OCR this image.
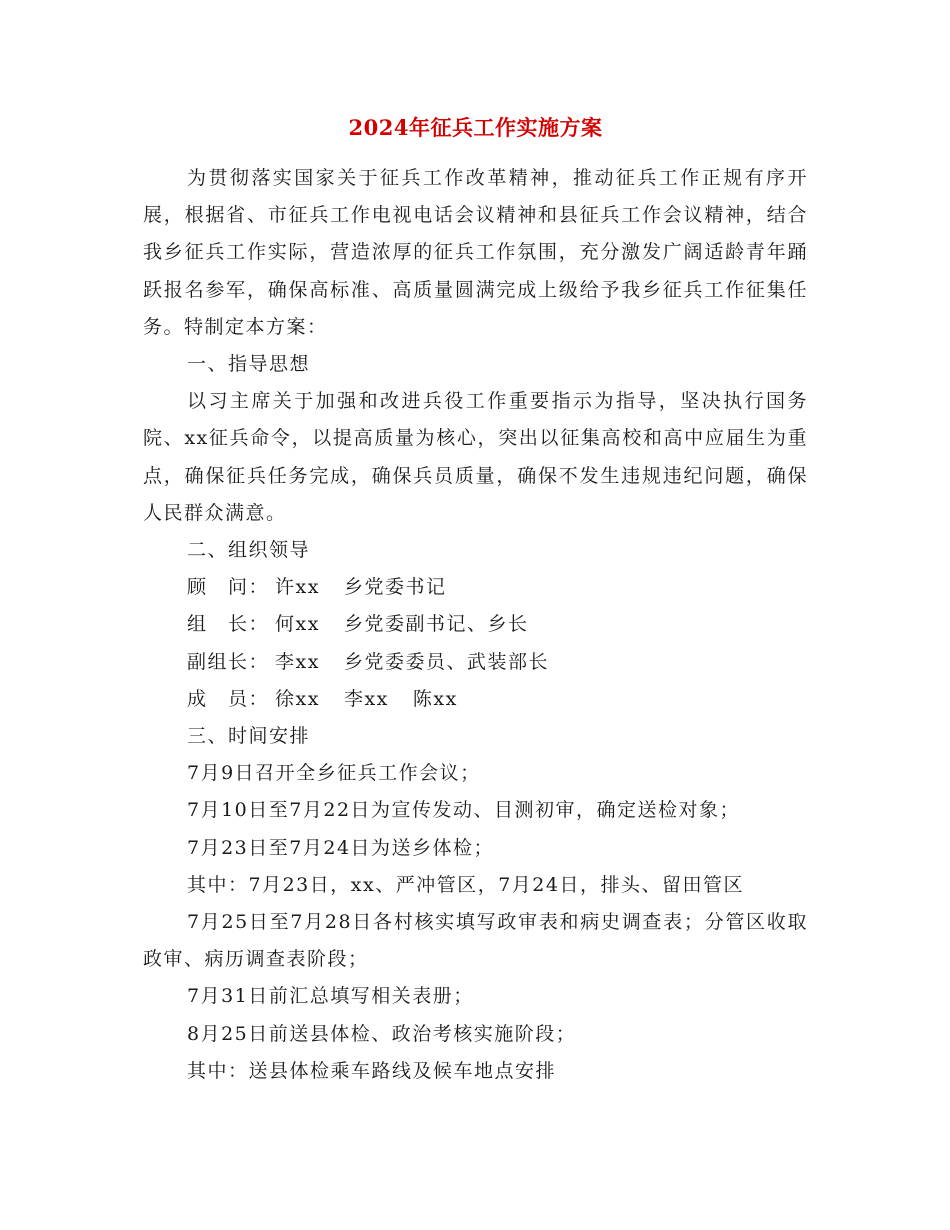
2024年征兵工作实施方案

为贯彻落实国家关于征兵工作改革精神，推动征兵工作正规有序开展，根据省、市征兵工作电视电话会议精神和县征兵工作会议精神，结合我乡征兵工作实际，营造浓厚的征兵工作氛围，充分激发广阔适龄青年踊跃报名参军，确保高标准、高质量圆满完成上级给予我乡征兵工作征集任务。特制定本方案：

一、指导思想

以习主席关于加强和改进兵役工作重要指示为指导，坚决执行国务院、xx征兵命令，以提高质量为核心，突出以征集高校和高中应届生为重点，确保征兵任务完成，确保兵员质量，确保不发生违规违纪问题，确保人民群众满意。

二、组织领导

顾　问： 许xx 乡党委书记

组　长： 何xx 乡党委副书记、乡长

副组长： 李xx 乡党委委员、武装部长

成　员： 徐xx 李xx 陈xx

三、时间安排

7月9日召开全乡征兵工作会议；

7月10日至7月22日为宣传发动、目测初审，确定送检对象；

7月23日至7月24日为送乡体检；

其中：7月23日，xx、严冲管区，7月24日，排头、留田管区

7月25日至7月28日各村核实填写政审表和病史调查表；分管区收取政审、病历调查表阶段；

7月31日前汇总填写相关表册；

8月25日前送县体检、政治考核实施阶段；

其中：送县体检乘车路线及候车地点安排
